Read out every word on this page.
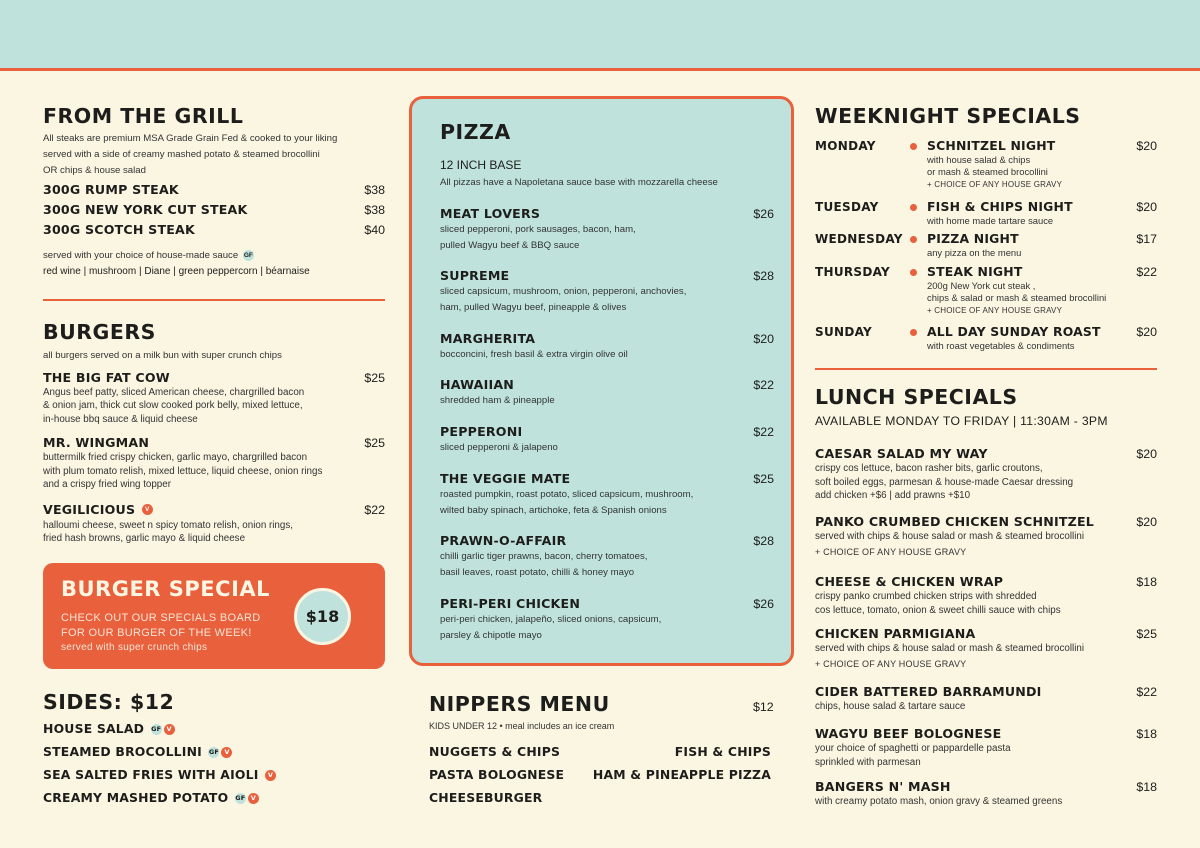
FROM THE GRILL
All steaks are premium MSA Grade Grain Fed & cooked to your liking
served with a side of creamy mashed potato & steamed brocollini
OR chips & house salad
300G RUMP STEAK	$38
300G NEW YORK CUT STEAK	$38
300G SCOTCH STEAK	$40
served with your choice of house-made sauce GF
red wine | mushroom | Diane | green peppercorn | béarnaise
BURGERS
all burgers served on a milk bun with super crunch chips
THE BIG FAT COW	$25
Angus beef patty, sliced American cheese, chargrilled bacon
& onion jam, thick cut slow cooked pork belly, mixed lettuce,
in-house bbq sauce & liquid cheese
MR. WINGMAN	$25
buttermilk fried crispy chicken, garlic mayo, chargrilled bacon
with plum tomato relish, mixed lettuce, liquid cheese, onion rings
and a crispy fried wing topper
VEGILICIOUS V	$22
halloumi cheese, sweet n spicy tomato relish, onion rings,
fried hash browns, garlic mayo & liquid cheese
BURGER SPECIAL
CHECK OUT OUR SPECIALS BOARD
FOR OUR BURGER OF THE WEEK!
served with super crunch chips
$18
SIDES: $12
HOUSE SALAD GF V
STEAMED BROCOLLINI GF V
SEA SALTED FRIES WITH AIOLI V
CREAMY MASHED POTATO GF V
PIZZA
12 INCH BASE
All pizzas have a Napoletana sauce base with mozzarella cheese
MEAT LOVERS	$26
sliced pepperoni, pork sausages, bacon, ham,
pulled Wagyu beef & BBQ sauce
SUPREME	$28
sliced capsicum, mushroom, onion, pepperoni, anchovies,
ham, pulled Wagyu beef, pineapple & olives
MARGHERITA	$20
bocconcini, fresh basil & extra virgin olive oil
HAWAIIAN	$22
shredded ham & pineapple
PEPPERONI	$22
sliced pepperoni & jalapeno
THE VEGGIE MATE	$25
roasted pumpkin, roast potato, sliced capsicum, mushroom,
wilted baby spinach, artichoke, feta & Spanish onions
PRAWN-O-AFFAIR	$28
chilli garlic tiger prawns, bacon, cherry tomatoes,
basil leaves, roast potato, chilli & honey mayo
PERI-PERI CHICKEN	$26
peri-peri chicken, jalapeño, sliced onions, capsicum,
parsley & chipotle mayo
NIPPERS MENU	$12
KIDS UNDER 12 • meal includes an ice cream
NUGGETS & CHIPS
PASTA BOLOGNESE
CHEESEBURGER
FISH & CHIPS
HAM & PINEAPPLE PIZZA
WEEKNIGHT SPECIALS
MONDAY	SCHNITZEL NIGHT	$20
with house salad & chips
or mash & steamed brocollini
+ CHOICE OF ANY HOUSE GRAVY
TUESDAY	FISH & CHIPS NIGHT	$20
with home made tartare sauce
WEDNESDAY	PIZZA NIGHT	$17
any pizza on the menu
THURSDAY	STEAK NIGHT	$22
200g New York cut steak ,
chips & salad or mash & steamed brocollini
+ CHOICE OF ANY HOUSE GRAVY
SUNDAY	ALL DAY SUNDAY ROAST	$20
with roast vegetables & condiments
LUNCH SPECIALS
AVAILABLE MONDAY TO FRIDAY | 11:30AM - 3PM
CAESAR SALAD MY WAY	$20
crispy cos lettuce, bacon rasher bits, garlic croutons,
soft boiled eggs, parmesan & house-made Caesar dressing
add chicken +$6 | add prawns +$10
PANKO CRUMBED CHICKEN SCHNITZEL	$20
served with chips & house salad or mash & steamed brocollini
+ CHOICE OF ANY HOUSE GRAVY
CHEESE & CHICKEN WRAP	$18
crispy panko crumbed chicken strips with shredded
cos lettuce, tomato, onion & sweet chilli sauce with chips
CHICKEN PARMIGIANA	$25
served with chips & house salad or mash & steamed brocollini
+ CHOICE OF ANY HOUSE GRAVY
CIDER BATTERED BARRAMUNDI	$22
chips, house salad & tartare sauce
WAGYU BEEF BOLOGNESE	$18
your choice of spaghetti or pappardelle pasta
sprinkled with parmesan
BANGERS N' MASH	$18
with creamy potato mash, onion gravy & steamed greens
